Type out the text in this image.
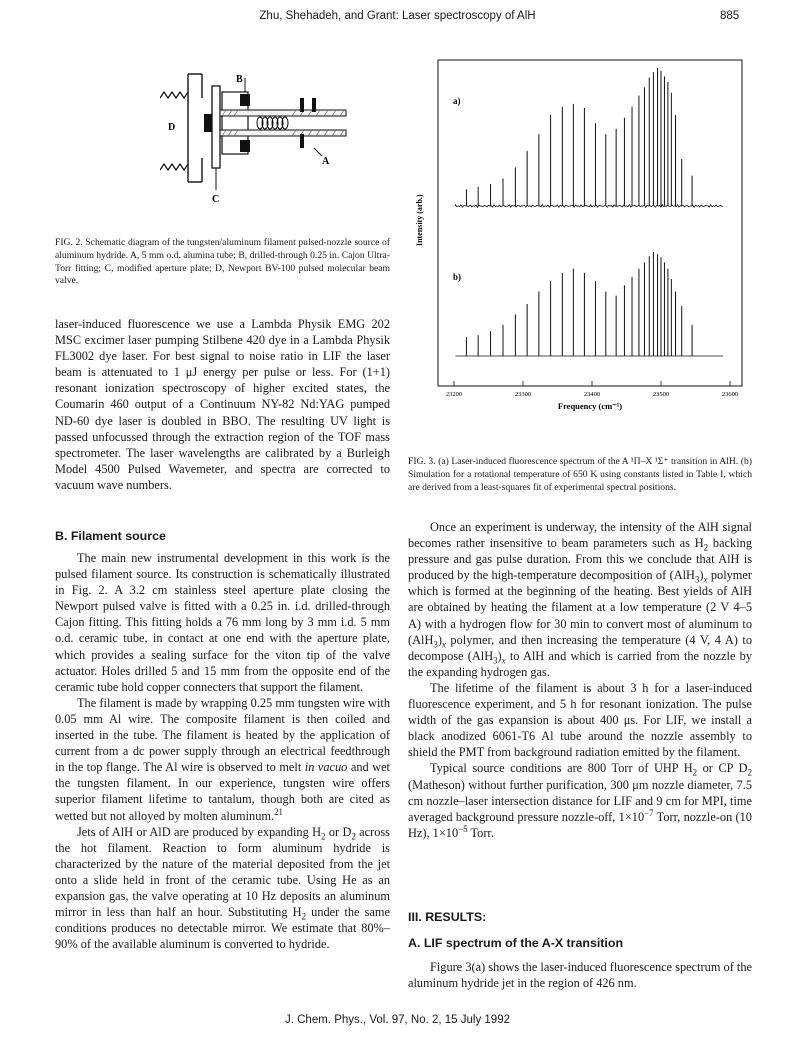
Zhu, Shehadeh, and Grant: Laser spectroscopy of AlH	885
B
D
A
C
FIG. 2. Schematic diagram of the tungsten/aluminum filament pulsed-nozzle source of aluminum hydride. A, 5 mm o.d. alumina tube; B, drilled-through 0.25 in. Cajon Ultra-Torr fitting; C, modified aperture plate; D, Newport BV-100 pulsed molecular beam valve.
23200	23300	23400	23500	23600
a)
b)
Intensity (arb.)
Frequency (cm⁻¹)
FIG. 3. (a) Laser-induced fluorescence spectrum of the A ¹Π–X ¹Σ⁺ transition in AlH. (b) Simulation for a rotational temperature of 650 K using constants listed in Table I, which are derived from a least-squares fit of experimental spectral positions.
laser-induced fluorescence we use a Lambda Physik EMG 202 MSC excimer laser pumping Stilbene 420 dye in a Lambda Physik FL3002 dye laser. For best signal to noise ratio in LIF the laser beam is attenuated to 1 μJ energy per pulse or less. For (1+1) resonant ionization spectroscopy of higher excited states, the Coumarin 460 output of a Continuum NY-82 Nd:YAG pumped ND-60 dye laser is doubled in BBO. The resulting UV light is passed unfocussed through the extraction region of the TOF mass spectrometer. The laser wavelengths are calibrated by a Burleigh Model 4500 Pulsed Wavemeter, and spectra are corrected to vacuum wave numbers.

B. Filament source

The main new instrumental development in this work is the pulsed filament source. Its construction is schematically illustrated in Fig. 2. A 3.2 cm stainless steel aperture plate closing the Newport pulsed valve is fitted with a 0.25 in. i.d. drilled-through Cajon fitting. This fitting holds a 76 mm long by 3 mm i.d. 5 mm o.d. ceramic tube, in contact at one end with the aperture plate, which provides a sealing surface for the viton tip of the valve actuator. Holes drilled 5 and 15 mm from the opposite end of the ceramic tube hold copper connecters that support the filament.

The filament is made by wrapping 0.25 mm tungsten wire with 0.05 mm Al wire. The composite filament is then coiled and inserted in the tube. The filament is heated by the application of current from a dc power supply through an electrical feedthrough in the top flange. The Al wire is observed to melt in vacuo and wet the tungsten filament. In our experience, tungsten wire offers superior filament lifetime to tantalum, though both are cited as wetted but not alloyed by molten aluminum.$^{21}$

Jets of AlH or AlD are produced by expanding $H_2$ or $D_2$ across the hot filament. Reaction to form aluminum hydride is characterized by the nature of the material deposited from the jet onto a slide held in front of the ceramic tube. Using He as an expansion gas, the valve operating at 10 Hz deposits an aluminum mirror in less than half an hour. Substituting $H_2$ under the same conditions produces no detectable mirror. We estimate that 80%–90% of the available aluminum is converted to hydride.

Once an experiment is underway, the intensity of the AlH signal becomes rather insensitive to beam parameters such as $H_2$ backing pressure and gas pulse duration. From this we conclude that AlH is produced by the high-temperature decomposition of $(AlH_3)_x$ polymer which is formed at the beginning of the heating. Best yields of AlH are obtained by heating the filament at a low temperature (2 V 4–5 A) with a hydrogen flow for 30 min to convert most of aluminum to $(AlH_3)_x$ polymer, and then increasing the temperature (4 V, 4 A) to decompose $(AlH_3)_x$ to AlH and which is carried from the nozzle by the expanding hydrogen gas.

The lifetime of the filament is about 3 h for a laser-induced fluorescence experiment, and 5 h for resonant ionization. The pulse width of the gas expansion is about 400 μs. For LIF, we install a black anodized 6061-T6 Al tube around the nozzle assembly to shield the PMT from background radiation emitted by the filament.

Typical source conditions are 800 Torr of UHP $H_2$ or CP $D_2$ (Matheson) without further purification, 300 μm nozzle diameter, 7.5 cm nozzle–laser intersection distance for LIF and 9 cm for MPI, time averaged background pressure nozzle-off, $1\times 10^{-7}$ Torr, nozzle-on (10 Hz), $1\times 10^{-5}$ Torr.

III. RESULTS:

A. LIF spectrum of the A-X transition

Figure 3(a) shows the laser-induced fluorescence spectrum of the aluminum hydride jet in the region of 426 nm.

J. Chem. Phys., Vol. 97, No. 2, 15 July 1992
